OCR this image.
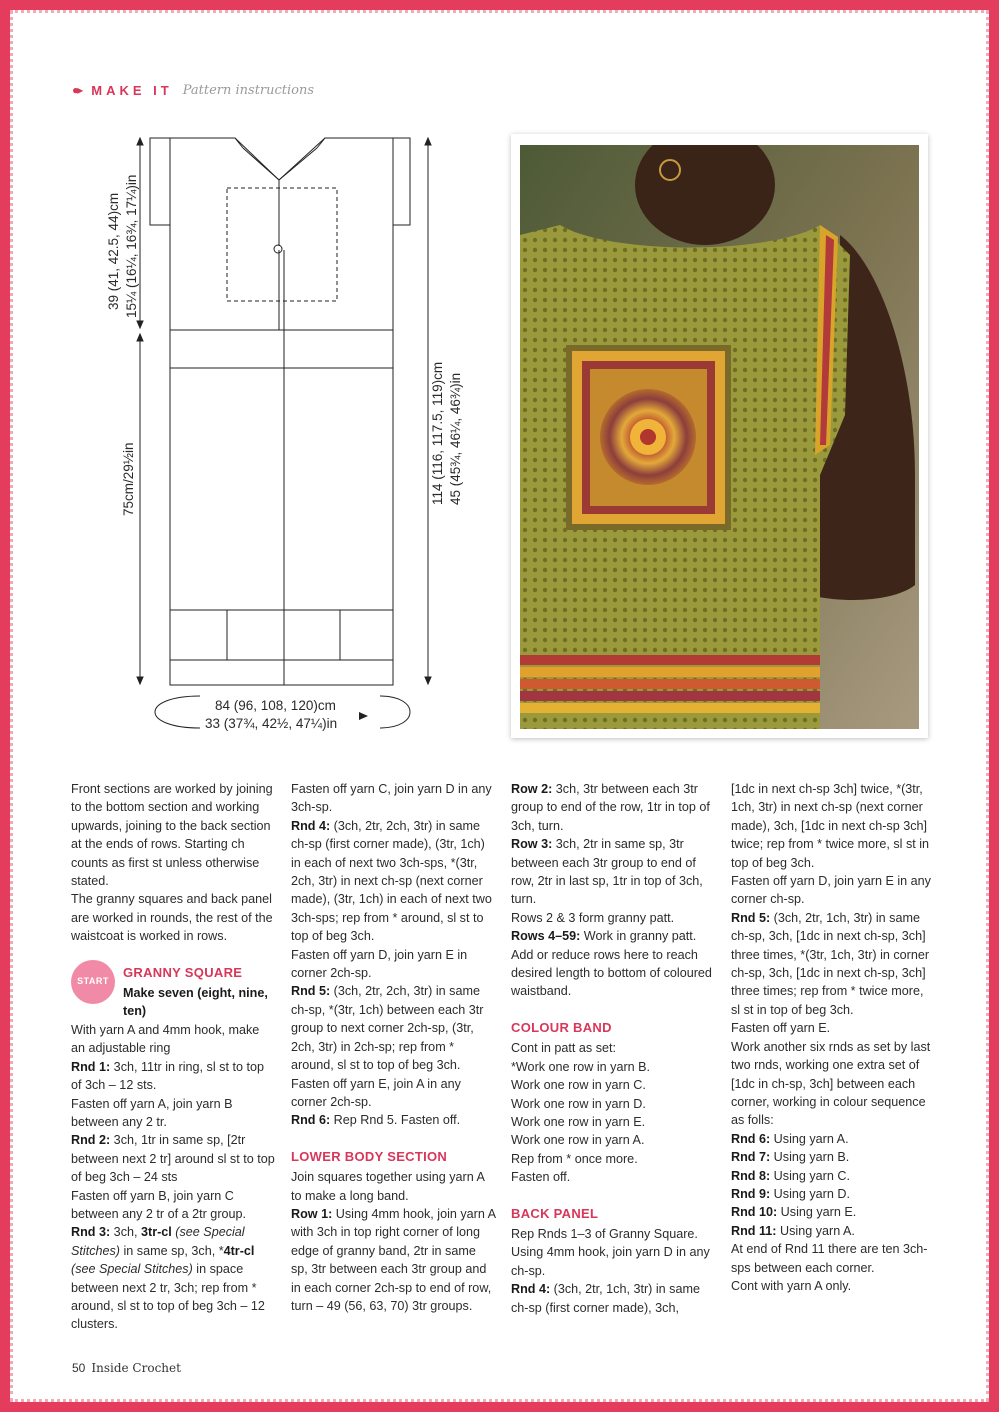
●▸ MAKE IT Pattern instructions
39 (41, 42.5, 44)cm 15¼ (16¼, 16¾, 17¼)in
75cm/29½in	114 (116, 117.5, 119)cm 45 (45¾, 46¼, 46¾)in
84 (96, 108, 120)cm
33 (37¾, 42½, 47¼)in

Front sections are worked by joining to the bottom section and working upwards, joining to the back section at the ends of rows. Starting ch counts as first st unless otherwise stated.

The granny squares and back panel are worked in rounds, the rest of the waistcoat is worked in rows.

START

GRANNY SQUARE

Make seven (eight, nine, ten)

With yarn A and 4mm hook, make an adjustable ring

Rnd 1: 3ch, 11tr in ring, sl st to top of 3ch – 12 sts.

Fasten off yarn A, join yarn B between any 2 tr.

Rnd 2: 3ch, 1tr in same sp, [2tr between next 2 tr] around sl st to top of beg 3ch – 24 sts

Fasten off yarn B, join yarn C between any 2 tr of a 2tr group.

Rnd 3: 3ch, 3tr-cl (see Special Stitches) in same sp, 3ch, *4tr-cl (see Special Stitches) in space between next 2 tr, 3ch; rep from * around, sl st to top of beg 3ch – 12 clusters.

Fasten off yarn C, join yarn D in any 3ch-sp.

Rnd 4: (3ch, 2tr, 2ch, 3tr) in same ch-sp (first corner made), (3tr, 1ch) in each of next two 3ch-sps, *(3tr, 2ch, 3tr) in next ch-sp (next corner made), (3tr, 1ch) in each of next two 3ch-sps; rep from * around, sl st to top of beg 3ch.

Fasten off yarn D, join yarn E in corner 2ch-sp.

Rnd 5: (3ch, 2tr, 2ch, 3tr) in same ch-sp, *(3tr, 1ch) between each 3tr group to next corner 2ch-sp, (3tr, 2ch, 3tr) in 2ch-sp; rep from * around, sl st to top of beg 3ch.

Fasten off yarn E, join A in any corner 2ch-sp.

Rnd 6: Rep Rnd 5. Fasten off.

LOWER BODY SECTION

Join squares together using yarn A to make a long band.

Row 1: Using 4mm hook, join yarn A with 3ch in top right corner of long edge of granny band, 2tr in same sp, 3tr between each 3tr group and in each corner 2ch-sp to end of row, turn – 49 (56, 63, 70) 3tr groups.

Row 2: 3ch, 3tr between each 3tr group to end of the row, 1tr in top of 3ch, turn.

Row 3: 3ch, 2tr in same sp, 3tr between each 3tr group to end of row, 2tr in last sp, 1tr in top of 3ch, turn.

Rows 2 & 3 form granny patt.

Rows 4–59: Work in granny patt.

Add or reduce rows here to reach desired length to bottom of coloured waistband.

COLOUR BAND

Cont in patt as set:

*Work one row in yarn B.

Work one row in yarn C.

Work one row in yarn D.

Work one row in yarn E.

Work one row in yarn A.

Rep from * once more.

Fasten off.

BACK PANEL

Rep Rnds 1–3 of Granny Square.

Using 4mm hook, join yarn D in any ch-sp.

Rnd 4: (3ch, 2tr, 1ch, 3tr) in same ch-sp (first corner made), 3ch,

[1dc in next ch-sp 3ch] twice, *(3tr, 1ch, 3tr) in next ch-sp (next corner made), 3ch, [1dc in next ch-sp 3ch] twice; rep from * twice more, sl st in top of beg 3ch.

Fasten off yarn D, join yarn E in any corner ch-sp.

Rnd 5: (3ch, 2tr, 1ch, 3tr) in same ch-sp, 3ch, [1dc in next ch-sp, 3ch] three times, *(3tr, 1ch, 3tr) in corner ch-sp, 3ch, [1dc in next ch-sp, 3ch] three times; rep from * twice more, sl st in top of beg 3ch.

Fasten off yarn E.

Work another six rnds as set by last two rnds, working one extra set of [1dc in ch-sp, 3ch] between each corner, working in colour sequence as folls:

Rnd 6: Using yarn A.

Rnd 7: Using yarn B.

Rnd 8: Using yarn C.

Rnd 9: Using yarn D.

Rnd 10: Using yarn E.

Rnd 11: Using yarn A.

At end of Rnd 11 there are ten 3ch-sps between each corner.

Cont with yarn A only.

50 Inside Crochet
